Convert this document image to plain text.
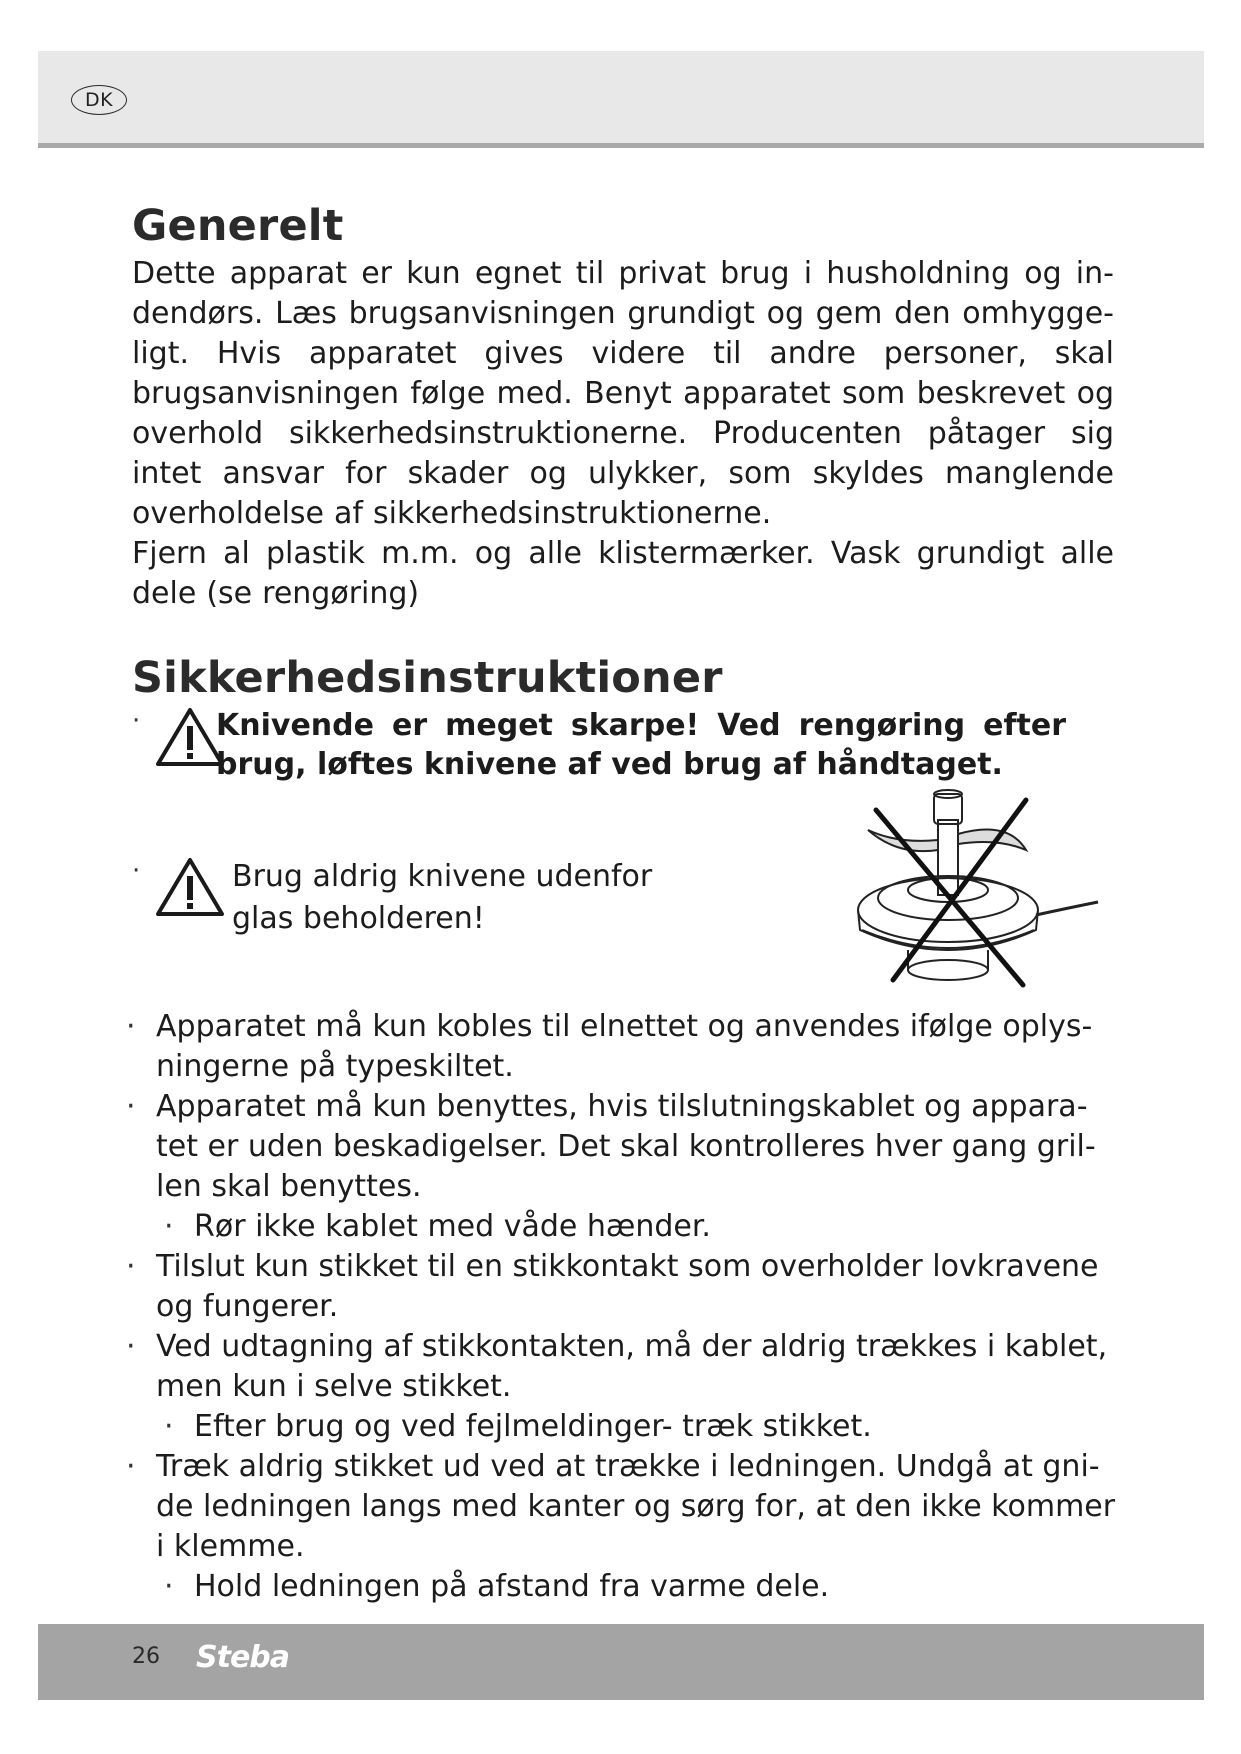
DK
Generelt

Dette apparat er kun egnet til privat brug i husholdning og indendørs. Læs brugsanvisningen grundigt og gem den omhyggeligt. Hvis apparatet gives videre til andre personer, skal brugsanvisningen følge med. Benyt apparatet som beskrevet og overhold sikkerhedsinstruktionerne. Producenten påtager sig intet ansvar for skader og ulykker, som skyldes manglende overholdelse af sikkerhedsinstruktionerne.

Fjern al plastik m.m. og alle klistermærker. Vask grundigt alle dele (se rengøring)

Sikkerhedsinstruktioner
·	Knivende er meget skarpe! Ved rengøring efter brug, løftes knivene af ved brug af håndtaget.
·	Brug aldrig knivene udenfor
glas beholderen!
· Apparatet må kun kobles til elnettet og anvendes ifølge oplysningerne på typeskiltet.
· Apparatet må kun benyttes, hvis tilslutningskablet og apparatet er uden beskadigelser. Det skal kontrolleres hver gang grillen skal benyttes.
· Rør ikke kablet med våde hænder.
· Tilslut kun stikket til en stikkontakt som overholder lovkravene og fungerer.
· Ved udtagning af stikkontakten, må der aldrig trækkes i kablet, men kun i selve stikket.
· Efter brug og ved fejlmeldinger- træk stikket.
· Træk aldrig stikket ud ved at trække i ledningen. Undgå at gnide ledningen langs med kanter og sørg for, at den ikke kommer i klemme.
· Hold ledningen på afstand fra varme dele.
26 Steba
